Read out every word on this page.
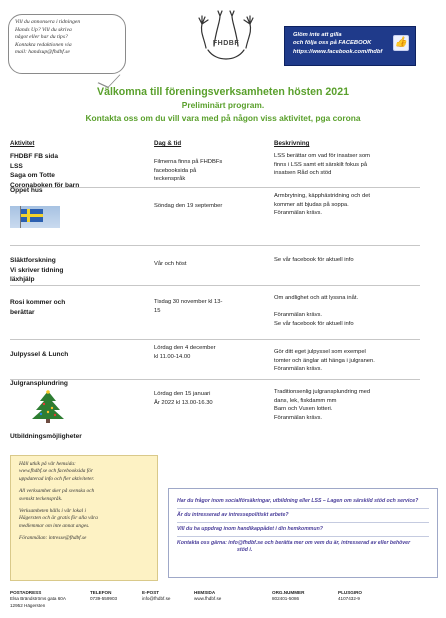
Vill du annonsera i tidningen
Hands Up? Vill du skriva
något eller har du tips?
Kontakta redaktionen via
mail: handsup@fhdbf.se
FHDBF
Glöm inte att gilla
och följa oss på FACEBOOK
https://www.facebook.com/fhdbf
👍
Välkomna till föreningsverksamheten hösten 2021
Preliminärt program.
Kontakta oss om du vill vara med på någon viss aktivitet, pga corona
Aktivitet	Dag & tid	Beskrivning
FHDBF FB sida
LSS
Saga om Totte
Coronaboken för barn
Filmerna finns på FHDBFs
facebooksida på
teckenspråk
LSS berättar om vad för insatser som
finns i LSS samt ett särskilt fokus på
insatsen Råd och stöd
Öppet hus
Söndag den 19 september
Armbrytning, käpphästridning och det
kommer att bjudas på soppa.
Föranmälan krävs.
Släktforskning
Vi skriver tidning
läxhjälp
Vår och höst
Se vår facebook för aktuell info
Rosi kommer och
berättar
Tisdag 30 november kl 13-
15
Om andlighet och att lyssna inåt.
Föranmälan krävs.
Se vår facebook för aktuell info
Julpyssel & Lunch
Lördag den 4 december
kl 11.00-14.00
Gör ditt eget julpyssel som exempel
tomter och änglar att hänga i julgranen.
Föranmälan krävs.
Julgransplundring
Lördag den 15 januari
År 2022 kl 13.00-16.30
Traditionsenlig julgransplundring med
dans, lek, fiskdamm mm
Barn och Vuxen lotteri.
Föranmälan krävs.
Utbildningsmöjligheter
Håll utkik på vår hemsida:
www.fhdbf.se och facebooksida för
uppdaterad info och fler aktiviteter.
All verksamhet sker på svenska och
svenskt teckenspråk.
Verksamheten hålls i vår lokal i
Hägersten och är gratis för alla våra
medlemmar om inte annat anges.
Föranmälan: intresse@fhdbf.se
Har du frågor inom socialförsäkringar, utbildning eller LSS – Lagen om särskild stöd och service?
Är du intresserad av intressepolitiskt arbete?
Vill du ha uppdrag inom handikappådet i din hemkommun?
Kontakta oss gärna: info@fhdbf.se och berätta mer om vem du är, intresserad av eller behöver
stöd i.
POSTADRESS
Elsa Brändströms gata 60A
12952 Hägersten
TELEFON
0739-559903
E-POST
info@fhdbf.se
HEMSIDA
www.fhdbf.se
ORG.NUMMER
802401-5086
PLUSGIRO
4107432-9
